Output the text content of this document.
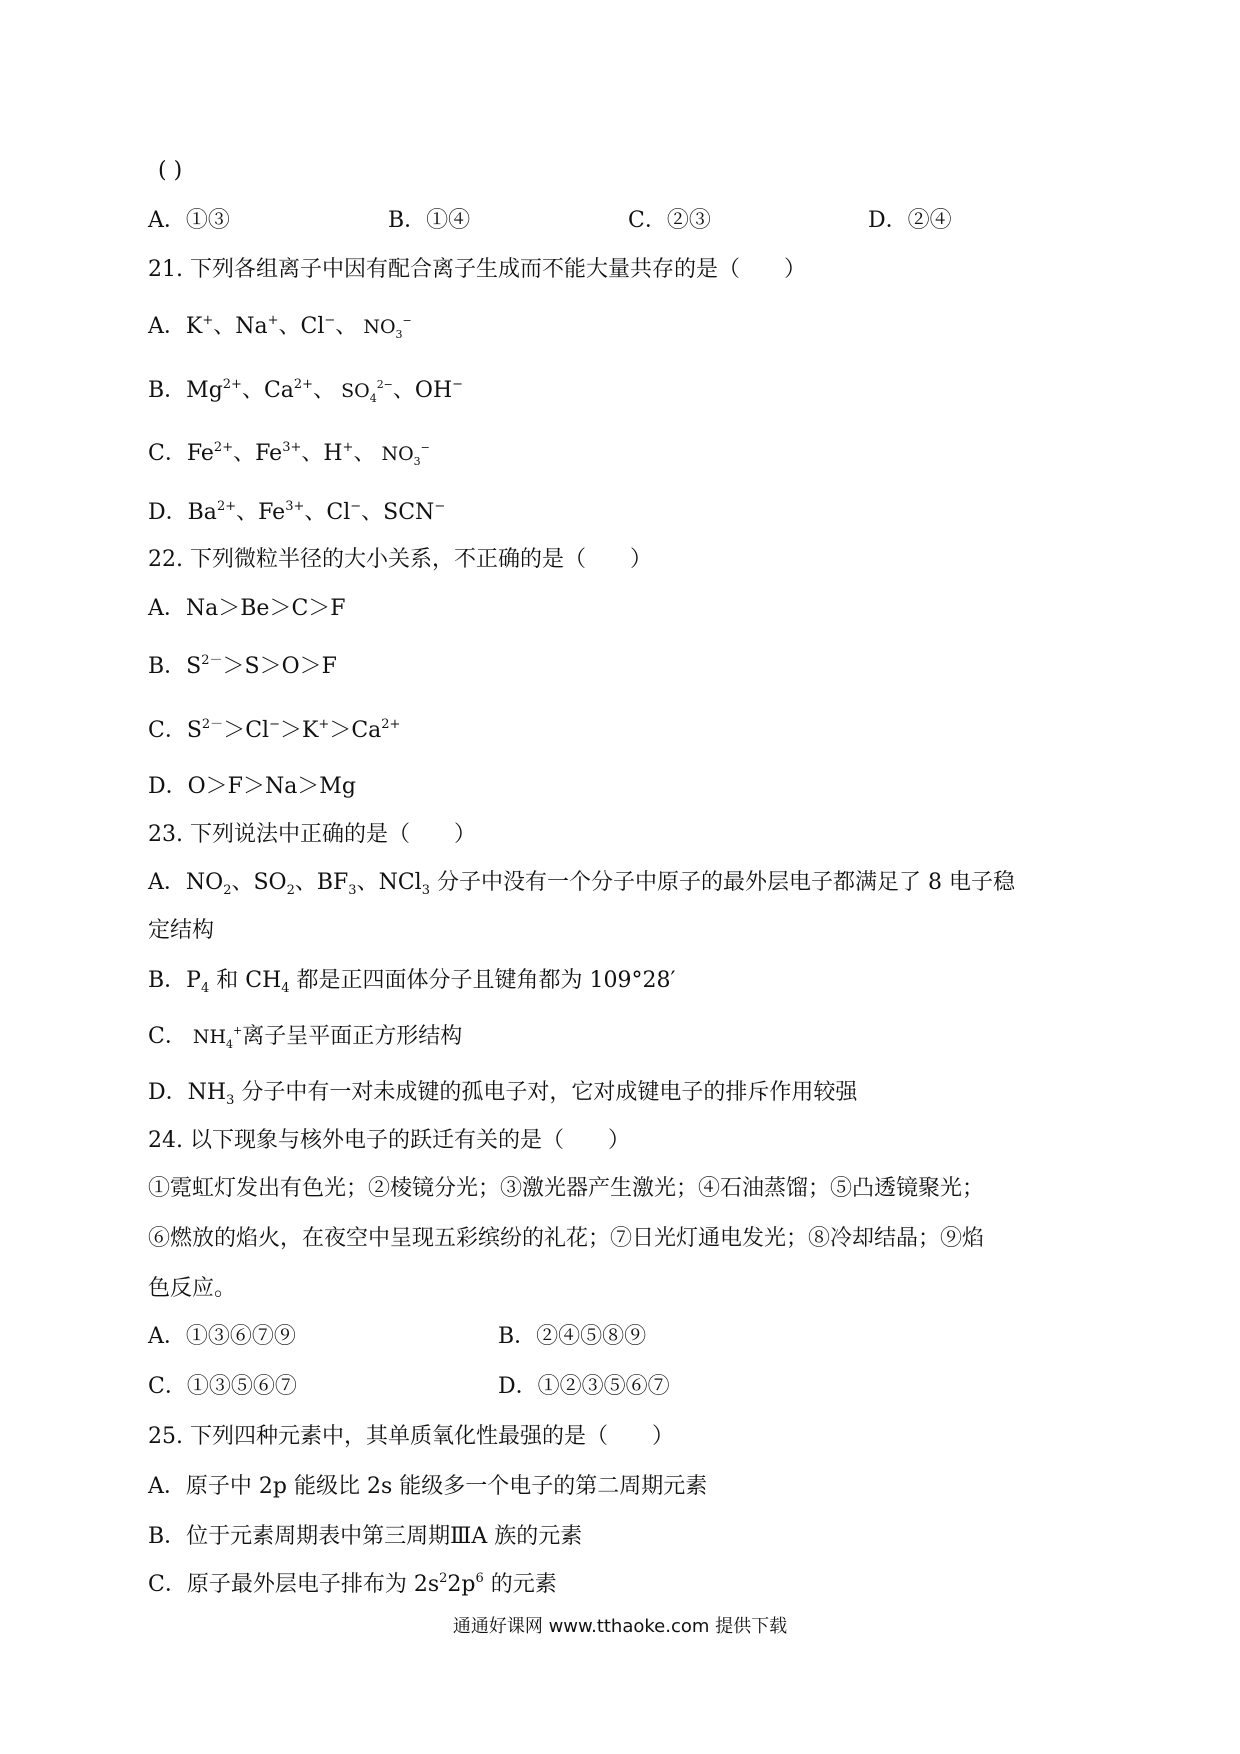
( )
A．①③	B．①④	C．②③	D．②④
21. 下列各组离子中因有配合离子生成而不能大量共存的是（　　）
A．K+、Na+、Cl−、 $NO_3^-$
B．$Mg^{2+}$、$Ca^{2+}$、 $SO_4^{2-}$、OH−
C．$Fe^{2+}$、$Fe^{3+}$、H+、 $NO_3^-$
D．$Ba^{2+}$、$Fe^{3+}$、Cl−、SCN−
22. 下列微粒半径的大小关系，不正确的是（　　）
A．Na＞Be＞C＞F
B．$S^{2-}>S>O>F$
C．$S^{2-}>Cl^->K^+>Ca^{2+}$
D．O＞F＞Na＞Mg
23. 下列说法中正确的是（　　）
A．$NO_2$、$SO_2$、$BF_3$、NCl$_3$ 分子中没有一个分子中原子的最外层电子都满足了 8 电子稳
定结构
B．$P_4$ 和 $CH_4$ 都是正四面体分子且键角都为 109°28′
C． $NH_4^+$离子呈平面正方形结构
D．$NH_3$ 分子中有一对未成键的孤电子对，它对成键电子的排斥作用较强
24. 以下现象与核外电子的跃迁有关的是（　　）
①霓虹灯发出有色光；②棱镜分光；③激光器产生激光；④石油蒸馏；⑤凸透镜聚光；
⑥燃放的焰火，在夜空中呈现五彩缤纷的礼花；⑦日光灯通电发光；⑧冷却结晶；⑨焰
色反应。
A．①③⑥⑦⑨	B．②④⑤⑧⑨
C．①③⑤⑥⑦	D．①②③⑤⑥⑦
25. 下列四种元素中，其单质氧化性最强的是（　　）
A．原子中 2p 能级比 2s 能级多一个电子的第二周期元素
B．位于元素周期表中第三周期ⅢA 族的元素
C．原子最外层电子排布为 $2s^22p^6$ 的元素
通通好课网 www.tthaoke.com 提供下载
